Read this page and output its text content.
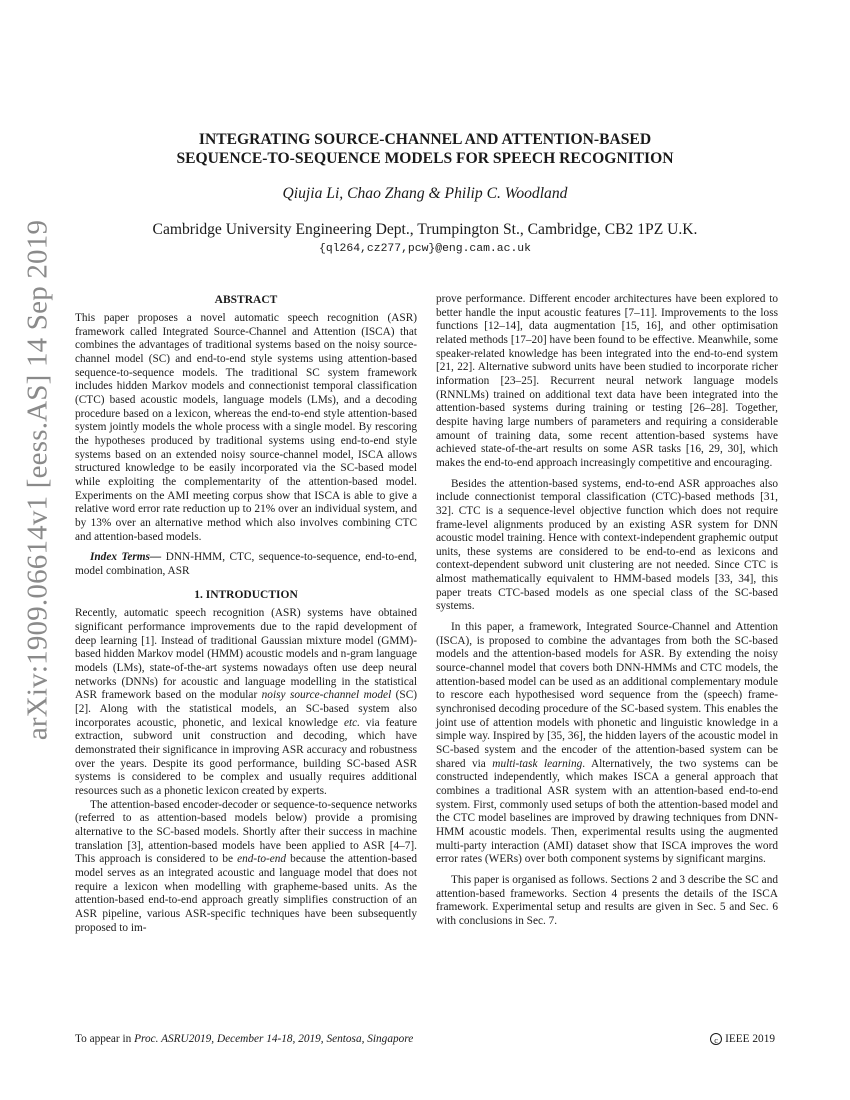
arXiv:1909.06614v1 [eess.AS] 14 Sep 2019
INTEGRATING SOURCE-CHANNEL AND ATTENTION-BASED
SEQUENCE-TO-SEQUENCE MODELS FOR SPEECH RECOGNITION
Qiujia Li, Chao Zhang & Philip C. Woodland
Cambridge University Engineering Dept., Trumpington St., Cambridge, CB2 1PZ U.K.
{ql264,cz277,pcw}@eng.cam.ac.uk
ABSTRACT

This paper proposes a novel automatic speech recognition (ASR) framework called Integrated Source-Channel and Attention (ISCA) that combines the advantages of traditional systems based on the noisy source-channel model (SC) and end-to-end style systems using attention-based sequence-to-sequence models. The traditional SC system framework includes hidden Markov models and connectionist temporal classification (CTC) based acoustic models, language models (LMs), and a decoding procedure based on a lexicon, whereas the end-to-end style attention-based system jointly models the whole process with a single model. By rescoring the hypotheses produced by traditional systems using end-to-end style systems based on an extended noisy source-channel model, ISCA allows structured knowledge to be easily incorporated via the SC-based model while exploiting the complementarity of the attention-based model. Experiments on the AMI meeting corpus show that ISCA is able to give a relative word error rate reduction up to 21% over an individual system, and by 13% over an alternative method which also involves combining CTC and attention-based models.

Index Terms— DNN-HMM, CTC, sequence-to-sequence, end-to-end, model combination, ASR

1. INTRODUCTION

Recently, automatic speech recognition (ASR) systems have obtained significant performance improvements due to the rapid development of deep learning [1]. Instead of traditional Gaussian mixture model (GMM)-based hidden Markov model (HMM) acoustic models and n-gram language models (LMs), state-of-the-art systems nowadays often use deep neural networks (DNNs) for acoustic and language modelling in the statistical ASR framework based on the modular noisy source-channel model (SC) [2]. Along with the statistical models, an SC-based system also incorporates acoustic, phonetic, and lexical knowledge etc. via feature extraction, subword unit construction and decoding, which have demonstrated their significance in improving ASR accuracy and robustness over the years. Despite its good performance, building SC-based ASR systems is considered to be complex and usually requires additional resources such as a phonetic lexicon created by experts.

The attention-based encoder-decoder or sequence-to-sequence networks (referred to as attention-based models below) provide a promising alternative to the SC-based models. Shortly after their success in machine translation [3], attention-based models have been applied to ASR [4–7]. This approach is considered to be end-to-end because the attention-based model serves as an integrated acoustic and language model that does not require a lexicon when modelling with grapheme-based units. As the attention-based end-to-end approach greatly simplifies construction of an ASR pipeline, various ASR-specific techniques have been subsequently proposed to im-

prove performance. Different encoder architectures have been explored to better handle the input acoustic features [7–11]. Improvements to the loss functions [12–14], data augmentation [15, 16], and other optimisation related methods [17–20] have been found to be effective. Meanwhile, some speaker-related knowledge has been integrated into the end-to-end system [21, 22]. Alternative subword units have been studied to incorporate richer information [23–25]. Recurrent neural network language models (RNNLMs) trained on additional text data have been integrated into the attention-based systems during training or testing [26–28]. Together, despite having large numbers of parameters and requiring a considerable amount of training data, some recent attention-based systems have achieved state-of-the-art results on some ASR tasks [16, 29, 30], which makes the end-to-end approach increasingly competitive and encouraging.

Besides the attention-based systems, end-to-end ASR approaches also include connectionist temporal classification (CTC)-based methods [31, 32]. CTC is a sequence-level objective function which does not require frame-level alignments produced by an existing ASR system for DNN acoustic model training. Hence with context-independent graphemic output units, these systems are considered to be end-to-end as lexicons and context-dependent subword unit clustering are not needed. Since CTC is almost mathematically equivalent to HMM-based models [33, 34], this paper treats CTC-based models as one special class of the SC-based systems.

In this paper, a framework, Integrated Source-Channel and Attention (ISCA), is proposed to combine the advantages from both the SC-based models and the attention-based models for ASR. By extending the noisy source-channel model that covers both DNN-HMMs and CTC models, the attention-based model can be used as an additional complementary module to rescore each hypothesised word sequence from the (speech) frame-synchronised decoding procedure of the SC-based system. This enables the joint use of attention models with phonetic and linguistic knowledge in a simple way. Inspired by [35, 36], the hidden layers of the acoustic model in SC-based system and the encoder of the attention-based system can be shared via multi-task learning. Alternatively, the two systems can be constructed independently, which makes ISCA a general approach that combines a traditional ASR system with an attention-based end-to-end system. First, commonly used setups of both the attention-based model and the CTC model baselines are improved by drawing techniques from DNN-HMM acoustic models. Then, experimental results using the augmented multi-party interaction (AMI) dataset show that ISCA improves the word error rates (WERs) over both component systems by significant margins.

This paper is organised as follows. Sections 2 and 3 describe the SC and attention-based frameworks. Section 4 presents the details of the ISCA framework. Experimental setup and results are given in Sec. 5 and Sec. 6 with conclusions in Sec. 7.

To appear in Proc. ASRU2019, December 14-18, 2019, Sentosa, Singapore	c IEEE 2019
